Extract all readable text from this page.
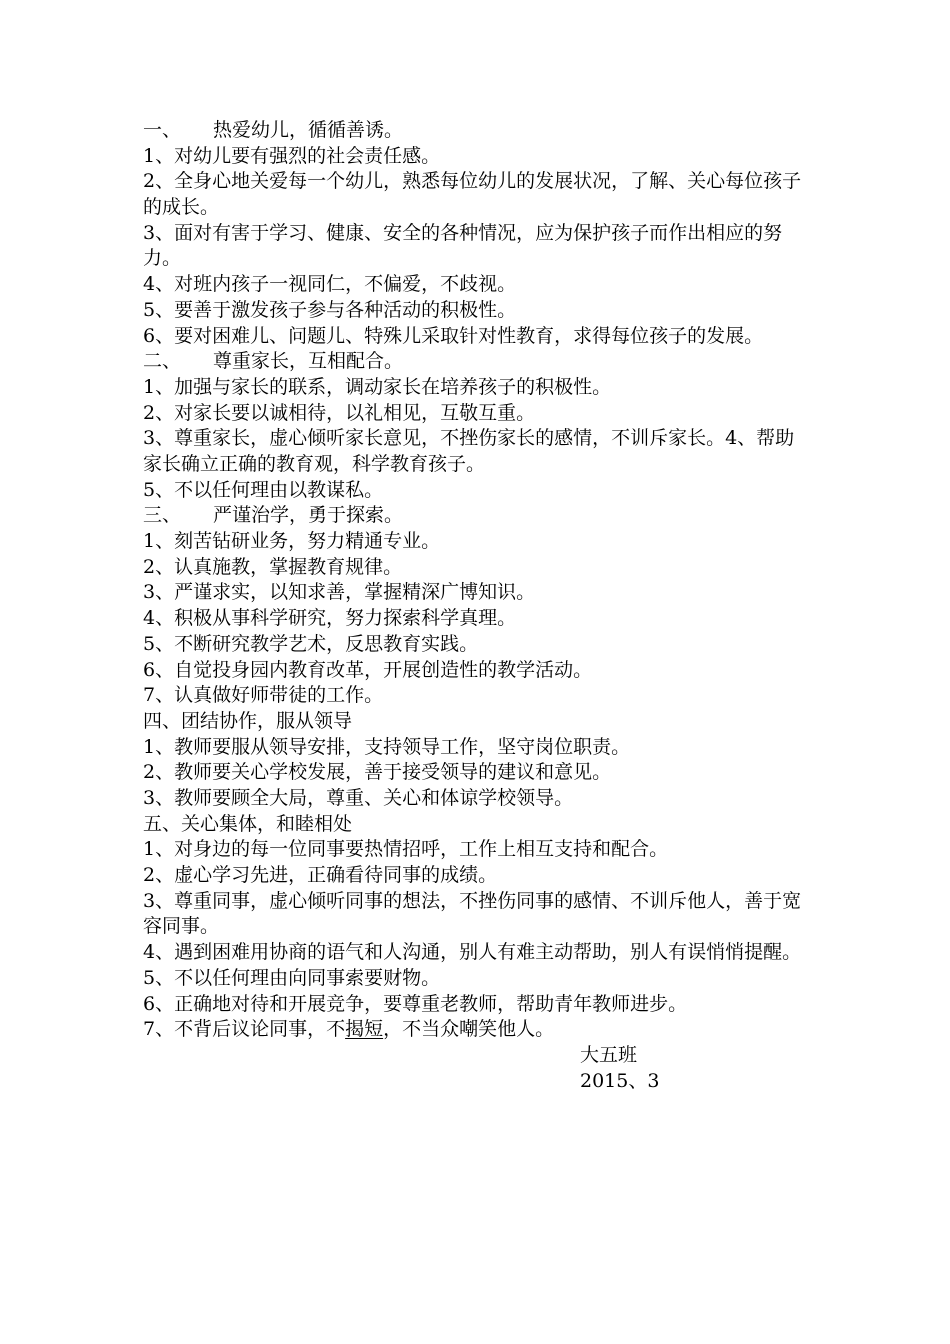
一、 热爱幼儿，循循善诱。
1、对幼儿要有强烈的社会责任感。
2、全身心地关爱每一个幼儿，熟悉每位幼儿的发展状况，了解、关心每位孩子的成长。
3、面对有害于学习、健康、安全的各种情况，应为保护孩子而作出相应的努力。
4、对班内孩子一视同仁，不偏爱，不歧视。
5、要善于激发孩子参与各种活动的积极性。
6、要对困难儿、问题儿、特殊儿采取针对性教育，求得每位孩子的发展。
二、 尊重家长，互相配合。
1、加强与家长的联系，调动家长在培养孩子的积极性。
2、对家长要以诚相待，以礼相见，互敬互重。
3、尊重家长，虚心倾听家长意见，不挫伤家长的感情，不训斥家长。4、帮助家长确立正确的教育观，科学教育孩子。
5、不以任何理由以教谋私。
三、 严谨治学，勇于探索。
1、刻苦钻研业务，努力精通专业。
2、认真施教，掌握教育规律。
3、严谨求实，以知求善，掌握精深广博知识。
4、积极从事科学研究，努力探索科学真理。
5、不断研究教学艺术，反思教育实践。
6、自觉投身园内教育改革，开展创造性的教学活动。
7、认真做好师带徒的工作。
四、团结协作，服从领导
1、教师要服从领导安排，支持领导工作，坚守岗位职责。
2、教师要关心学校发展，善于接受领导的建议和意见。
3、教师要顾全大局，尊重、关心和体谅学校领导。
五、关心集体，和睦相处
1、对身边的每一位同事要热情招呼，工作上相互支持和配合。
2、虚心学习先进，正确看待同事的成绩。
3、尊重同事，虚心倾听同事的想法，不挫伤同事的感情、不训斥他人，善于宽容同事。
4、遇到困难用协商的语气和人沟通，别人有难主动帮助，别人有误悄悄提醒。
5、不以任何理由向同事索要财物。
6、正确地对待和开展竞争，要尊重老教师，帮助青年教师进步。
7、不背后议论同事，不揭短，不当众嘲笑他人。
大五班
2015、3
